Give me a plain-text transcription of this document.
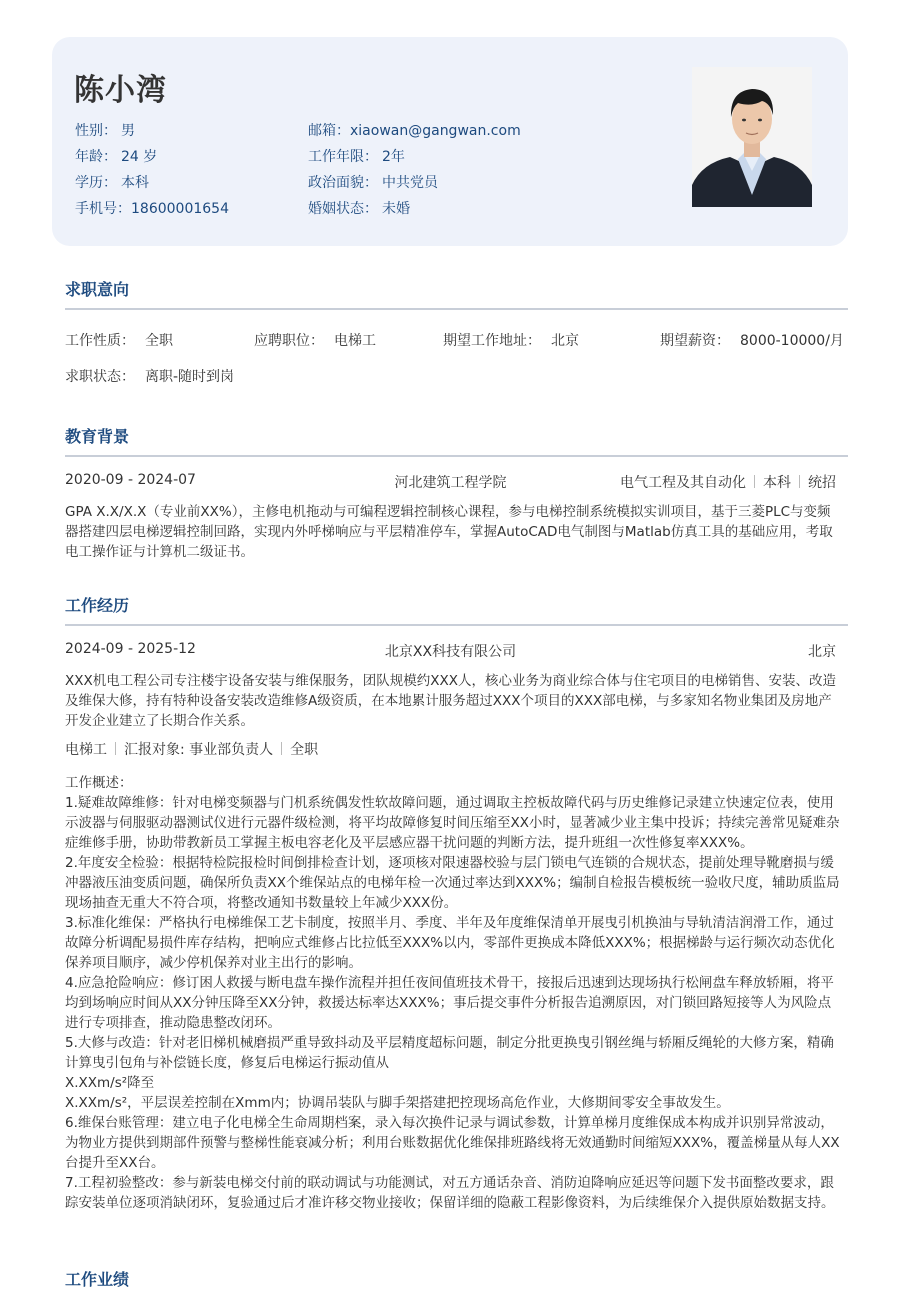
陈小湾
性别： 男
年龄： 24 岁
学历： 本科
手机号：18600001654
邮箱：xiaowan@gangwan.com
工作年限： 2年
政治面貌： 中共党员
婚姻状态： 未婚
求职意向
工作性质： 全职	应聘职位： 电梯工	期望工作地址： 北京	期望薪资： 8000-10000/月
求职状态： 离职-随时到岗
教育背景
2020-09 - 2024-07	河北建筑工程学院	电气工程及其自动化 本科 统招
GPA X.X/X.X（专业前XX%），主修电机拖动与可编程逻辑控制核心课程，参与电梯控制系统模拟实训项目，基于三菱PLC与变频器搭建四层电梯逻辑控制回路，实现内外呼梯响应与平层精准停车，掌握AutoCAD电气制图与Matlab仿真工具的基础应用，考取电工操作证与计算机二级证书。
工作经历
2024-09 - 2025-12	北京XX科技有限公司	北京
XXX机电工程公司专注楼宇设备安装与维保服务，团队规模约XXX人，核心业务为商业综合体与住宅项目的电梯销售、安装、改造及维保大修，持有特种设备安装改造维修A级资质，在本地累计服务超过XXX个项目的XXX部电梯，与多家知名物业集团及房地产开发企业建立了长期合作关系。
电梯工 汇报对象: 事业部负责人 全职
工作概述：
1.疑难故障维修：针对电梯变频器与门机系统偶发性软故障问题，通过调取主控板故障代码与历史维修记录建立快速定位表，使用示波器与伺服驱动器测试仪进行元器件级检测，将平均故障修复时间压缩至XX小时，显著减少业主集中投诉；持续完善常见疑难杂症维修手册，协助带教新员工掌握主板电容老化及平层感应器干扰问题的判断方法，提升班组一次性修复率XXX%。
2.年度安全检验：根据特检院报检时间倒排检查计划，逐项核对限速器校验与层门锁电气连锁的合规状态，提前处理导靴磨损与缓冲器液压油变质问题，确保所负责XX个维保站点的电梯年检一次通过率达到XXX%；编制自检报告模板统一验收尺度，辅助质监局现场抽查无重大不符合项，将整改通知书数量较上年减少XXX份。
3.标准化维保：严格执行电梯维保工艺卡制度，按照半月、季度、半年及年度维保清单开展曳引机换油与导轨清洁润滑工作，通过故障分析调配易损件库存结构，把响应式维修占比拉低至XXX%以内，零部件更换成本降低XXX%；根据梯龄与运行频次动态优化保养项目顺序，减少停机保养对业主出行的影响。
4.应急抢险响应：修订困人救援与断电盘车操作流程并担任夜间值班技术骨干，接报后迅速到达现场执行松闸盘车释放轿厢，将平均到场响应时间从XX分钟压降至XX分钟，救援达标率达XXX%；事后提交事件分析报告追溯原因，对门锁回路短接等人为风险点进行专项排查，推动隐患整改闭环。
5.大修与改造：针对老旧梯机械磨损严重导致抖动及平层精度超标问题，制定分批更换曳引钢丝绳与轿厢反绳轮的大修方案，精确计算曳引包角与补偿链长度，修复后电梯运行振动值从
X.XXm/s²降至
X.XXm/s²，平层误差控制在Xmm内；协调吊装队与脚手架搭建把控现场高危作业，大修期间零安全事故发生。
6.维保台账管理：建立电子化电梯全生命周期档案，录入每次换件记录与调试参数，计算单梯月度维保成本构成并识别异常波动，为物业方提供到期部件预警与整梯性能衰减分析；利用台账数据优化维保排班路线将无效通勤时间缩短XXX%，覆盖梯量从每人XX台提升至XX台。
7.工程初验整改：参与新装电梯交付前的联动调试与功能测试，对五方通话杂音、消防迫降响应延迟等问题下发书面整改要求，跟踪安装单位逐项消缺闭环，复验通过后才准许移交物业接收；保留详细的隐蔽工程影像资料，为后续维保介入提供原始数据支持。
工作业绩
